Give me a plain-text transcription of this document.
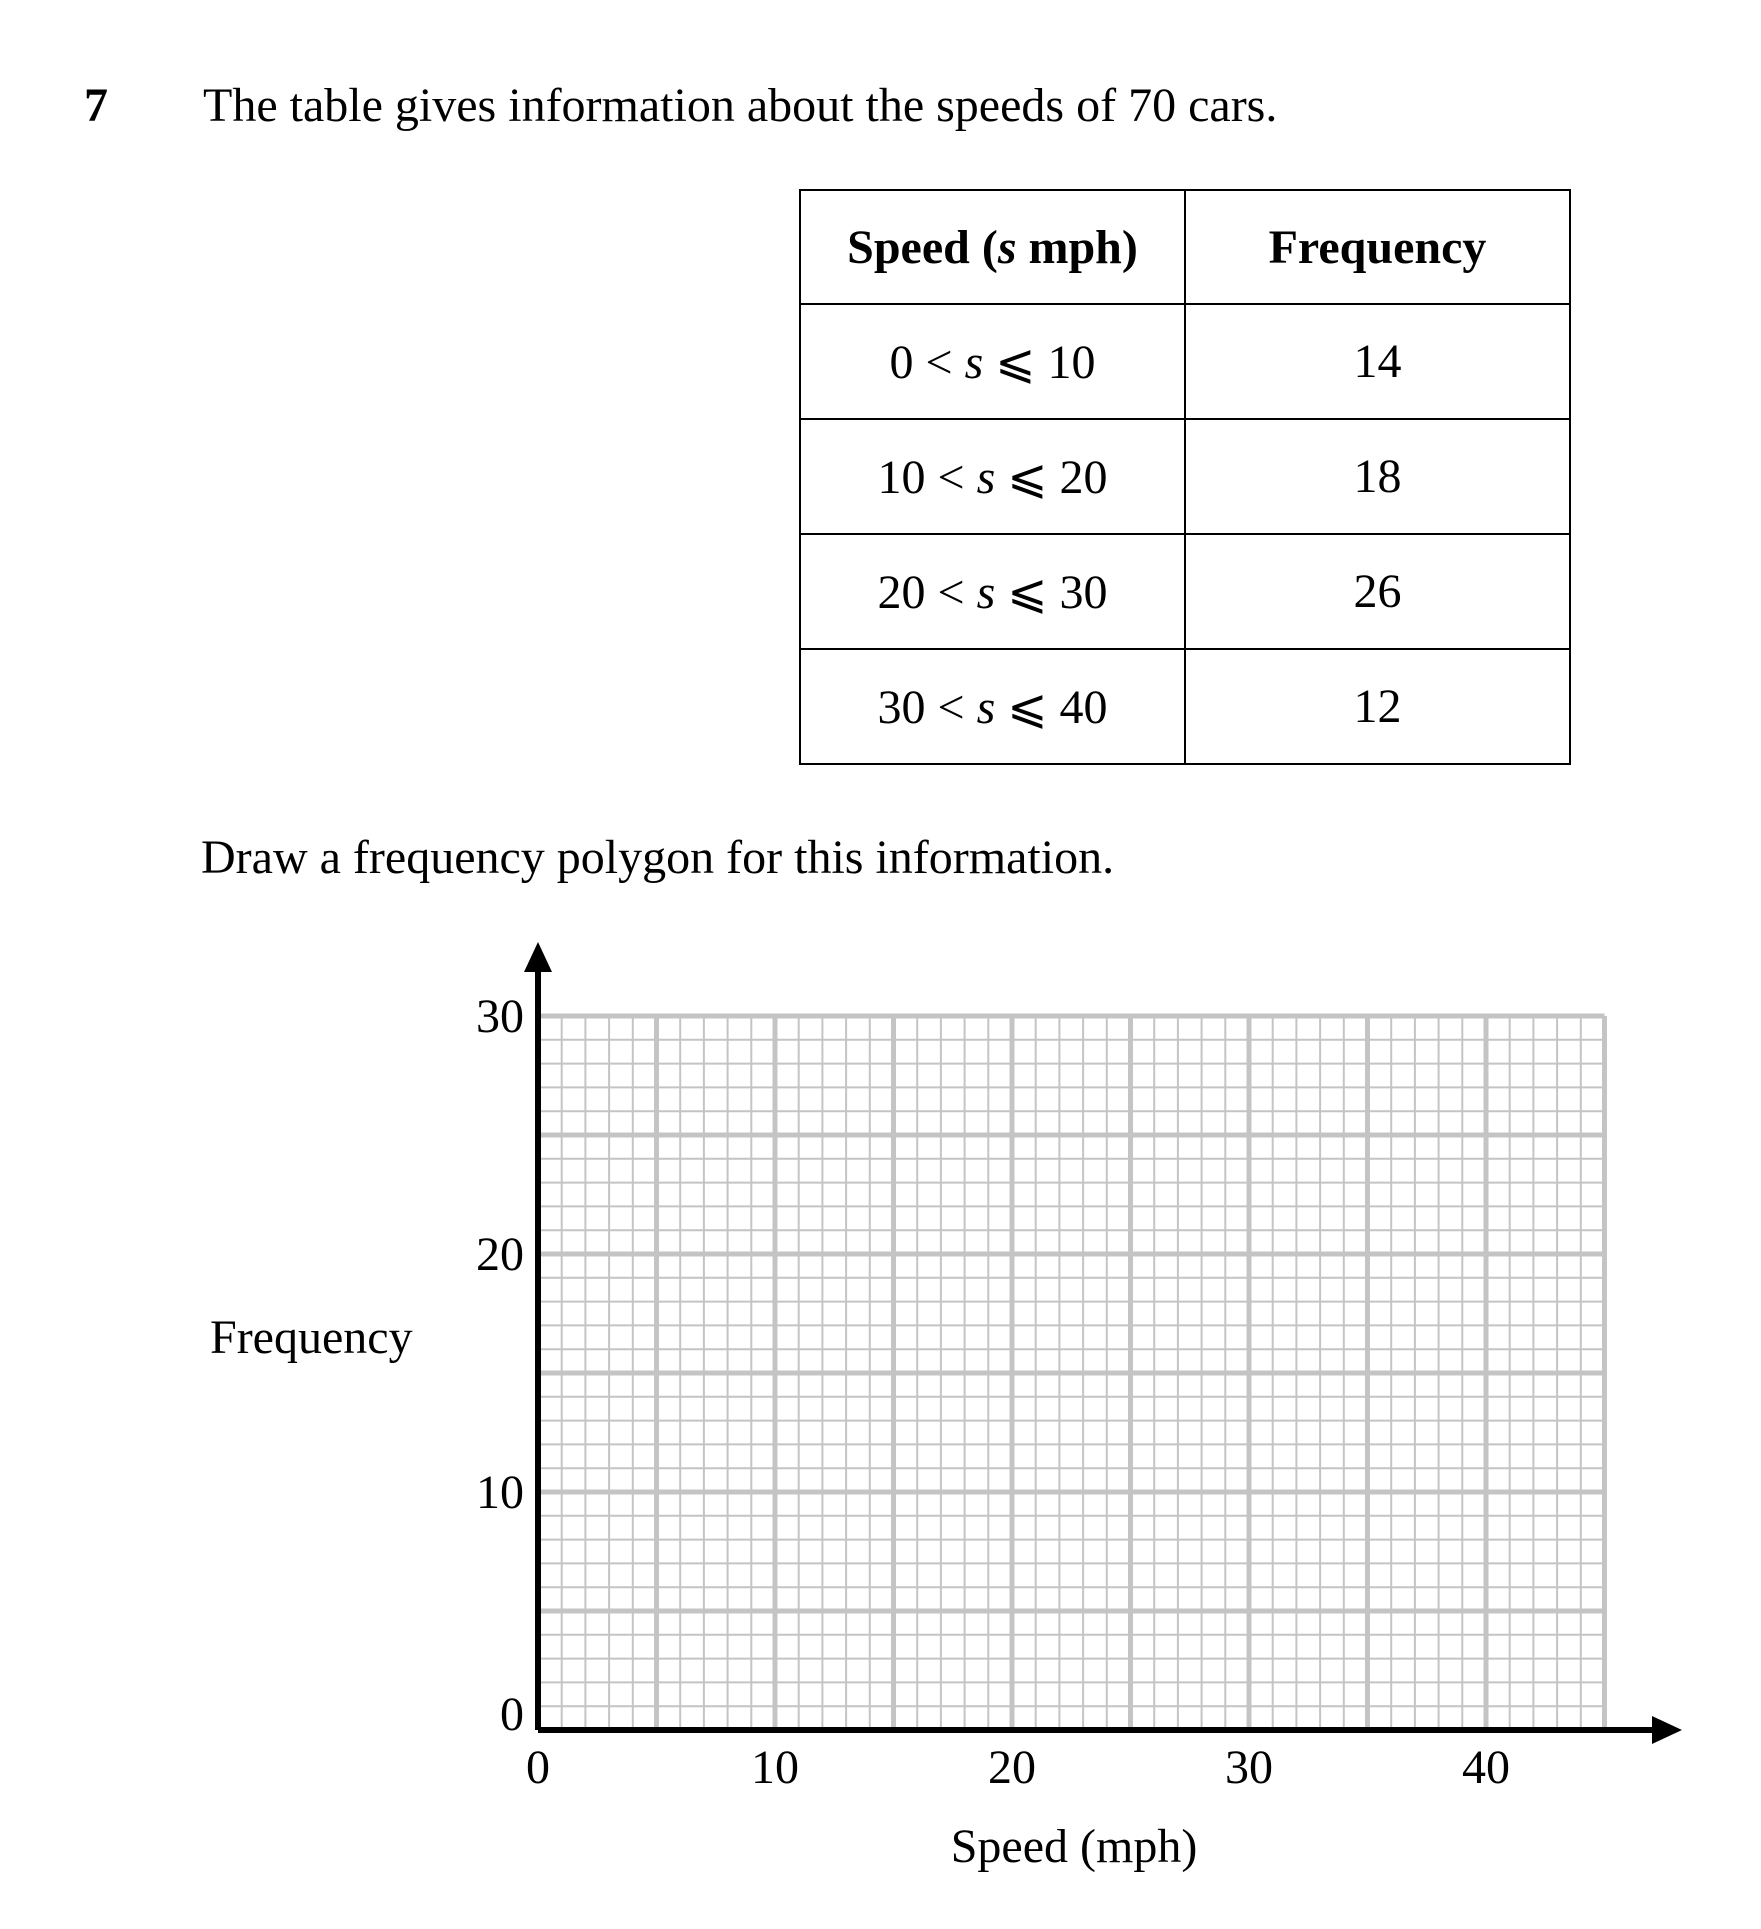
7 The table gives information about the speeds of 70 cars.
Speed (s mph)	Frequency
0 < s ⩽ 10	14
10 < s ⩽ 20	18
20 < s ⩽ 30	26
30 < s ⩽ 40	12
Draw a frequency polygon for this information.
0	10	20	30	40
0
10
20
30
Frequency
Speed (mph)
